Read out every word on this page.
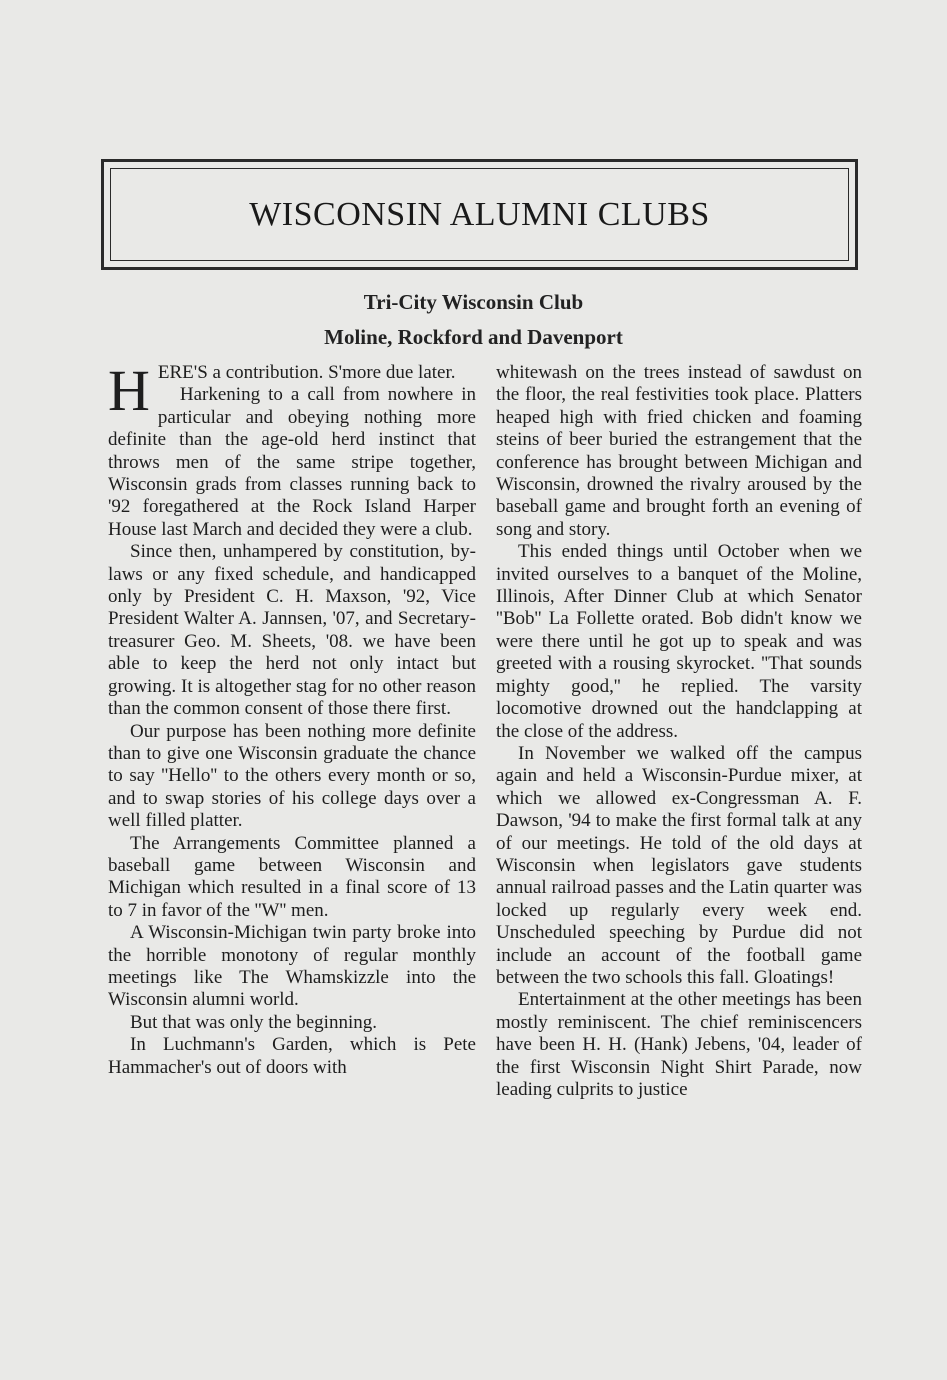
WISCONSIN ALUMNI CLUBS
Tri-City Wisconsin Club
Moline, Rockford and Davenport

HERE'S a contribution. S'more due later.

Harkening to a call from nowhere in particular and obeying nothing more definite than the age-old herd instinct that throws men of the same stripe together, Wisconsin grads from classes running back to '92 foregathered at the Rock Island Harper House last March and decided they were a club.

Since then, unhampered by constitution, by-laws or any fixed schedule, and handicapped only by President C. H. Maxson, '92, Vice President Walter A. Jannsen, '07, and Secretary-treasurer Geo. M. Sheets, '08. we have been able to keep the herd not only intact but growing. It is altogether stag for no other reason than the common consent of those there first.

Our purpose has been nothing more definite than to give one Wisconsin graduate the chance to say ''Hello'' to the others every month or so, and to swap stories of his college days over a well filled platter.

The Arrangements Committee planned a baseball game between Wisconsin and Michigan which resulted in a final score of 13 to 7 in favor of the ''W'' men.

A Wisconsin-Michigan twin party broke into the horrible monotony of regular monthly meetings like The Whamskizzle into the Wisconsin alumni world.

But that was only the beginning.

In Luchmann's Garden, which is Pete Hammacher's out of doors with

whitewash on the trees instead of sawdust on the floor, the real festivities took place. Platters heaped high with fried chicken and foaming steins of beer buried the estrangement that the conference has brought between Michigan and Wisconsin, drowned the rivalry aroused by the baseball game and brought forth an evening of song and story.

This ended things until October when we invited ourselves to a banquet of the Moline, Illinois, After Dinner Club at which Senator ''Bob'' La Follette orated. Bob didn't know we were there until he got up to speak and was greeted with a rousing skyrocket. ''That sounds mighty good,'' he replied. The varsity locomotive drowned out the handclapping at the close of the address.

In November we walked off the campus again and held a Wisconsin-Purdue mixer, at which we allowed ex-Congressman A. F. Dawson, '94 to make the first formal talk at any of our meetings. He told of the old days at Wisconsin when legislators gave students annual railroad passes and the Latin quarter was locked up regularly every week end. Unscheduled speeching by Purdue did not include an account of the football game between the two schools this fall. Gloatings!

Entertainment at the other meetings has been mostly reminiscent. The chief reminiscencers have been H. H. (Hank) Jebens, '04, leader of the first Wisconsin Night Shirt Parade, now leading culprits to justice
